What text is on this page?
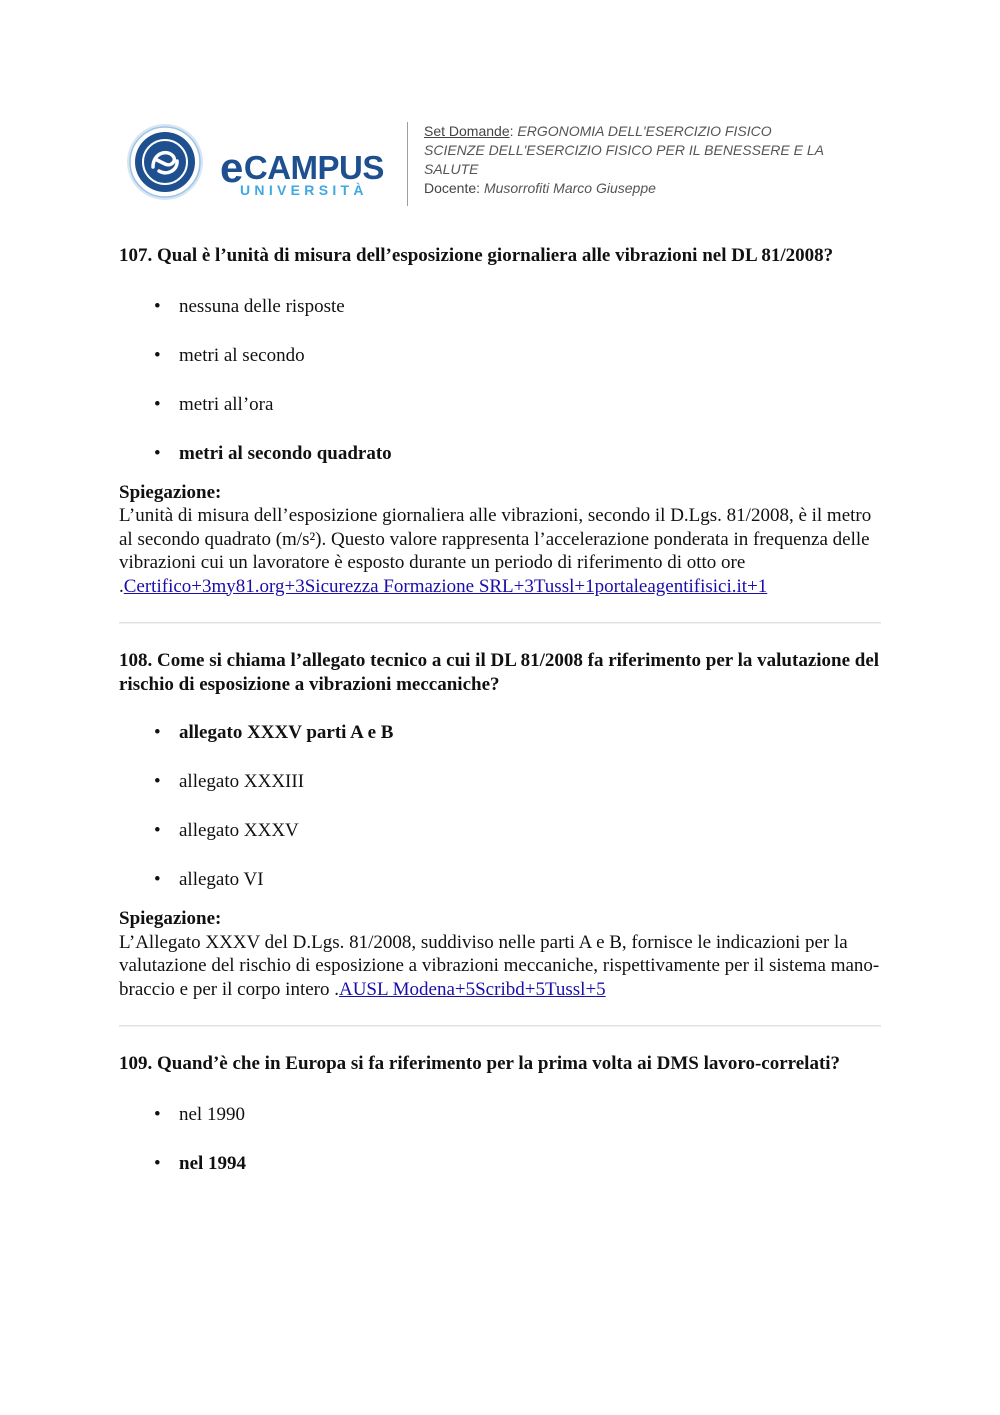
eCAMPUS
UNIVERSITÀ

Set Domande: ERGONOMIA DELL'ESERCIZIO FISICO

SCIENZE DELL'ESERCIZIO FISICO PER IL BENESSERE E LA SALUTE

Docente: Musorrofiti Marco Giuseppe

107. Qual è l’unità di misura dell’esposizione giornaliera alle vibrazioni nel DL 81/2008?

• nessuna delle risposte
• metri al secondo
• metri all’ora
• metri al secondo quadrato

Spiegazione:

L’unità di misura dell’esposizione giornaliera alle vibrazioni, secondo il D.Lgs. 81/2008, è il metro al secondo quadrato (m/s²). Questo valore rappresenta l’accelerazione ponderata in frequenza delle vibrazioni cui un lavoratore è esposto durante un periodo di riferimento di otto ore .Certifico+3my81.org+3Sicurezza Formazione SRL+3Tussl+1portaleagentifisici.it+1

108. Come si chiama l’allegato tecnico a cui il DL 81/2008 fa riferimento per la valutazione del rischio di esposizione a vibrazioni meccaniche?

• allegato XXXV parti A e B
• allegato XXXIII
• allegato XXXV
• allegato VI

Spiegazione:

L’Allegato XXXV del D.Lgs. 81/2008, suddiviso nelle parti A e B, fornisce le indicazioni per la valutazione del rischio di esposizione a vibrazioni meccaniche, rispettivamente per il sistema mano-braccio e per il corpo intero .AUSL Modena+5Scribd+5Tussl+5

109. Quand’è che in Europa si fa riferimento per la prima volta ai DMS lavoro-correlati?

• nel 1990
• nel 1994
